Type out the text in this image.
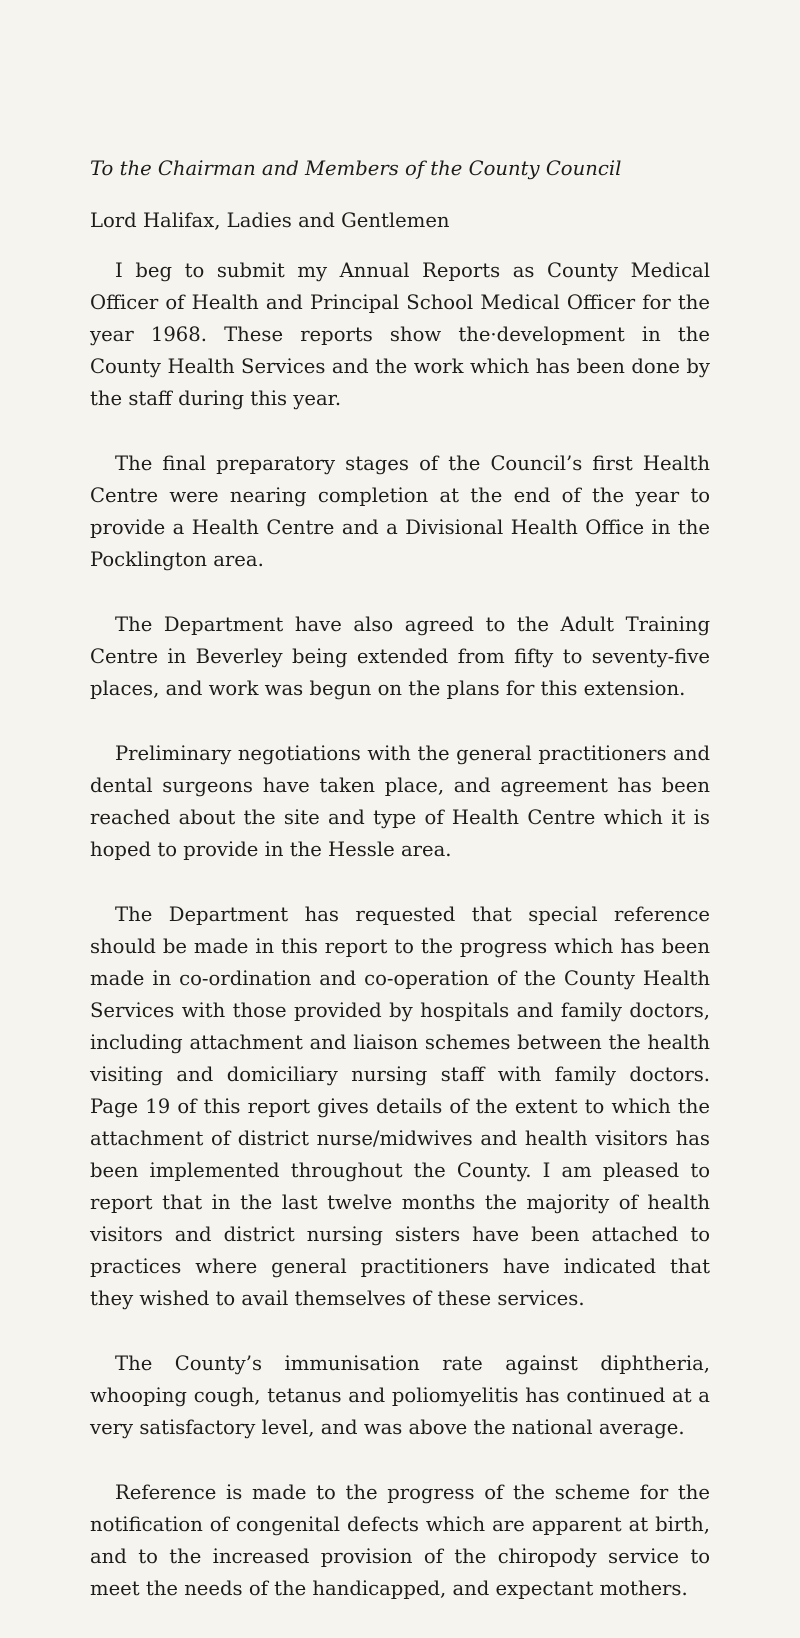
To the Chairman and Members of the County Council

Lord Halifax, Ladies and Gentlemen

I beg to submit my Annual Reports as County Medical Officer of Health and Principal School Medical Officer for the year 1968. These reports show the·development in the County Health Services and the work which has been done by the staff during this year.

The final preparatory stages of the Council’s first Health Centre were nearing completion at the end of the year to provide a Health Centre and a Divisional Health Office in the Pocklington area.

The Department have also agreed to the Adult Training Centre in Beverley being extended from fifty to seventy-five places, and work was begun on the plans for this extension.

Preliminary negotiations with the general practitioners and dental surgeons have taken place, and agreement has been reached about the site and type of Health Centre which it is hoped to provide in the Hessle area.

The Department has requested that special reference should be made in this report to the progress which has been made in co-ordination and co-operation of the County Health Services with those provided by hospitals and family doctors, including attachment and liaison schemes between the health visiting and domiciliary nursing staff with family doctors. Page 19 of this report gives details of the extent to which the attachment of district nurse/midwives and health visitors has been implemented throughout the County. I am pleased to report that in the last twelve months the majority of health visitors and district nursing sisters have been attached to practices where general practitioners have indicated that they wished to avail themselves of these services.

The County’s immunisation rate against diphtheria, whooping cough, tetanus and poliomyelitis has continued at a very satisfactory level, and was above the national average.

Reference is made to the progress of the scheme for the notification of congenital defects which are apparent at birth, and to the increased provision of the chiropody service to meet the needs of the handicapped, and expectant mothers.
